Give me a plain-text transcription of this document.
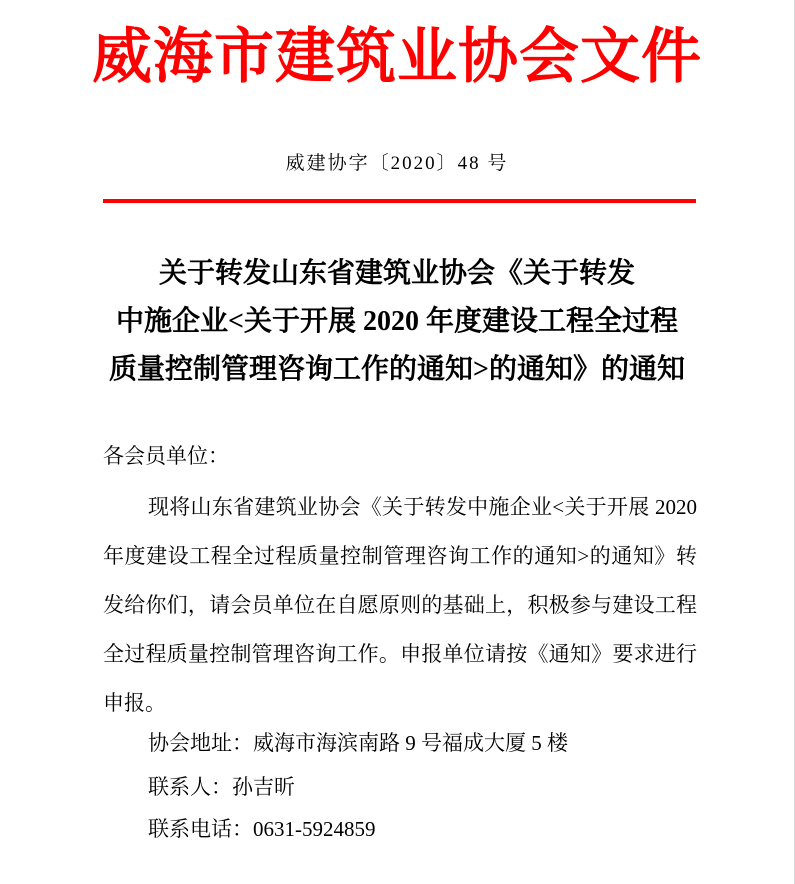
威海市建筑业协会文件
威建协字〔2020〕48 号
关于转发山东省建筑业协会《关于转发
中施企业<关于开展 2020 年度建设工程全过程
质量控制管理咨询工作的通知>的通知》的通知
各会员单位：
现将山东省建筑业协会《关于转发中施企业<关于开展 2020
年度建设工程全过程质量控制管理咨询工作的通知>的通知》转
发给你们，请会员单位在自愿原则的基础上，积极参与建设工程
全过程质量控制管理咨询工作。申报单位请按《通知》要求进行
申报。
协会地址：威海市海滨南路 9 号福成大厦 5 楼
联系人：孙吉昕
联系电话：0631-5924859
